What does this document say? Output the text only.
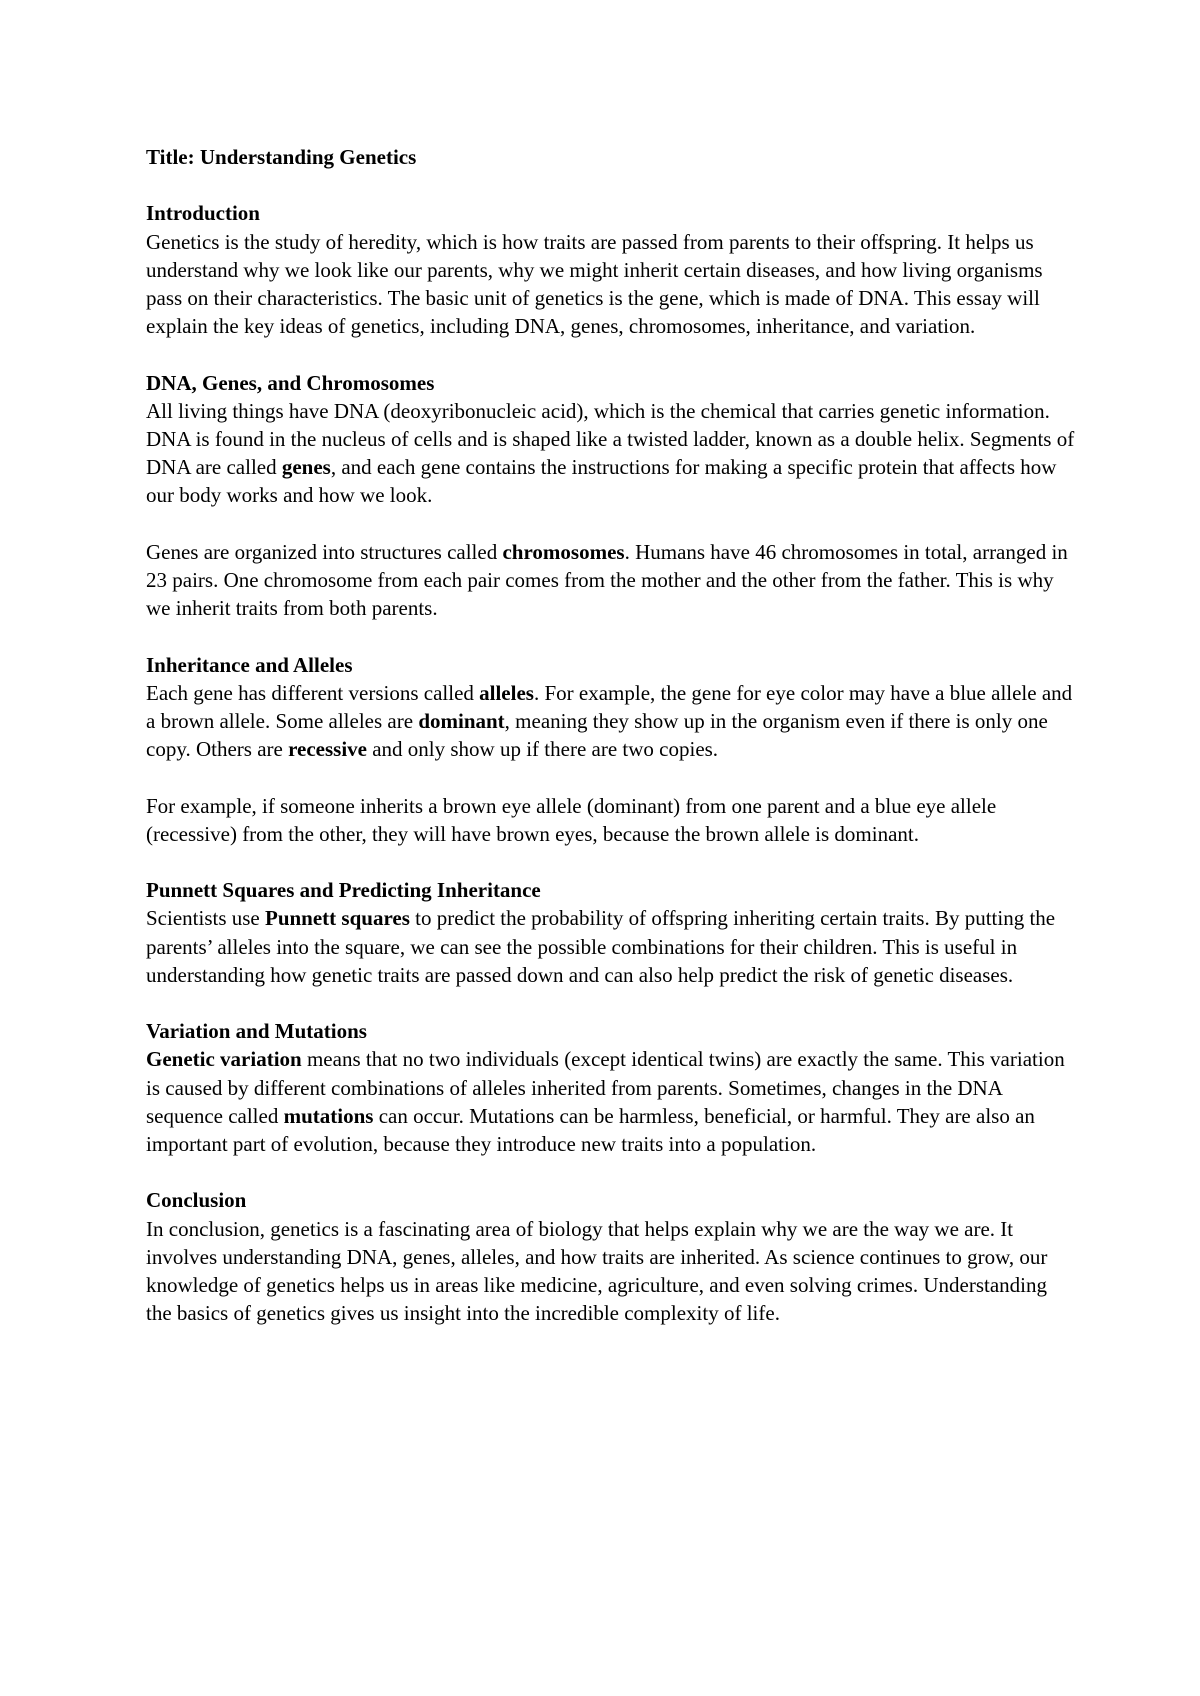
Title: Understanding Genetics

Introduction

Genetics is the study of heredity, which is how traits are passed from parents to their offspring. It helps us understand why we look like our parents, why we might inherit certain diseases, and how living organisms pass on their characteristics. The basic unit of genetics is the gene, which is made of DNA. This essay will explain the key ideas of genetics, including DNA, genes, chromosomes, inheritance, and variation.

DNA, Genes, and Chromosomes

All living things have DNA (deoxyribonucleic acid), which is the chemical that carries genetic information. DNA is found in the nucleus of cells and is shaped like a twisted ladder, known as a double helix. Segments of DNA are called genes, and each gene contains the instructions for making a specific protein that affects how our body works and how we look.

Genes are organized into structures called chromosomes. Humans have 46 chromosomes in total, arranged in 23 pairs. One chromosome from each pair comes from the mother and the other from the father. This is why we inherit traits from both parents.

Inheritance and Alleles

Each gene has different versions called alleles. For example, the gene for eye color may have a blue allele and a brown allele. Some alleles are dominant, meaning they show up in the organism even if there is only one copy. Others are recessive and only show up if there are two copies.

For example, if someone inherits a brown eye allele (dominant) from one parent and a blue eye allele (recessive) from the other, they will have brown eyes, because the brown allele is dominant.

Punnett Squares and Predicting Inheritance

Scientists use Punnett squares to predict the probability of offspring inheriting certain traits. By putting the parents’ alleles into the square, we can see the possible combinations for their children. This is useful in understanding how genetic traits are passed down and can also help predict the risk of genetic diseases.

Variation and Mutations

Genetic variation means that no two individuals (except identical twins) are exactly the same. This variation is caused by different combinations of alleles inherited from parents. Sometimes, changes in the DNA sequence called mutations can occur. Mutations can be harmless, beneficial, or harmful. They are also an important part of evolution, because they introduce new traits into a population.

Conclusion

In conclusion, genetics is a fascinating area of biology that helps explain why we are the way we are. It involves understanding DNA, genes, alleles, and how traits are inherited. As science continues to grow, our knowledge of genetics helps us in areas like medicine, agriculture, and even solving crimes. Understanding the basics of genetics gives us insight into the incredible complexity of life.
